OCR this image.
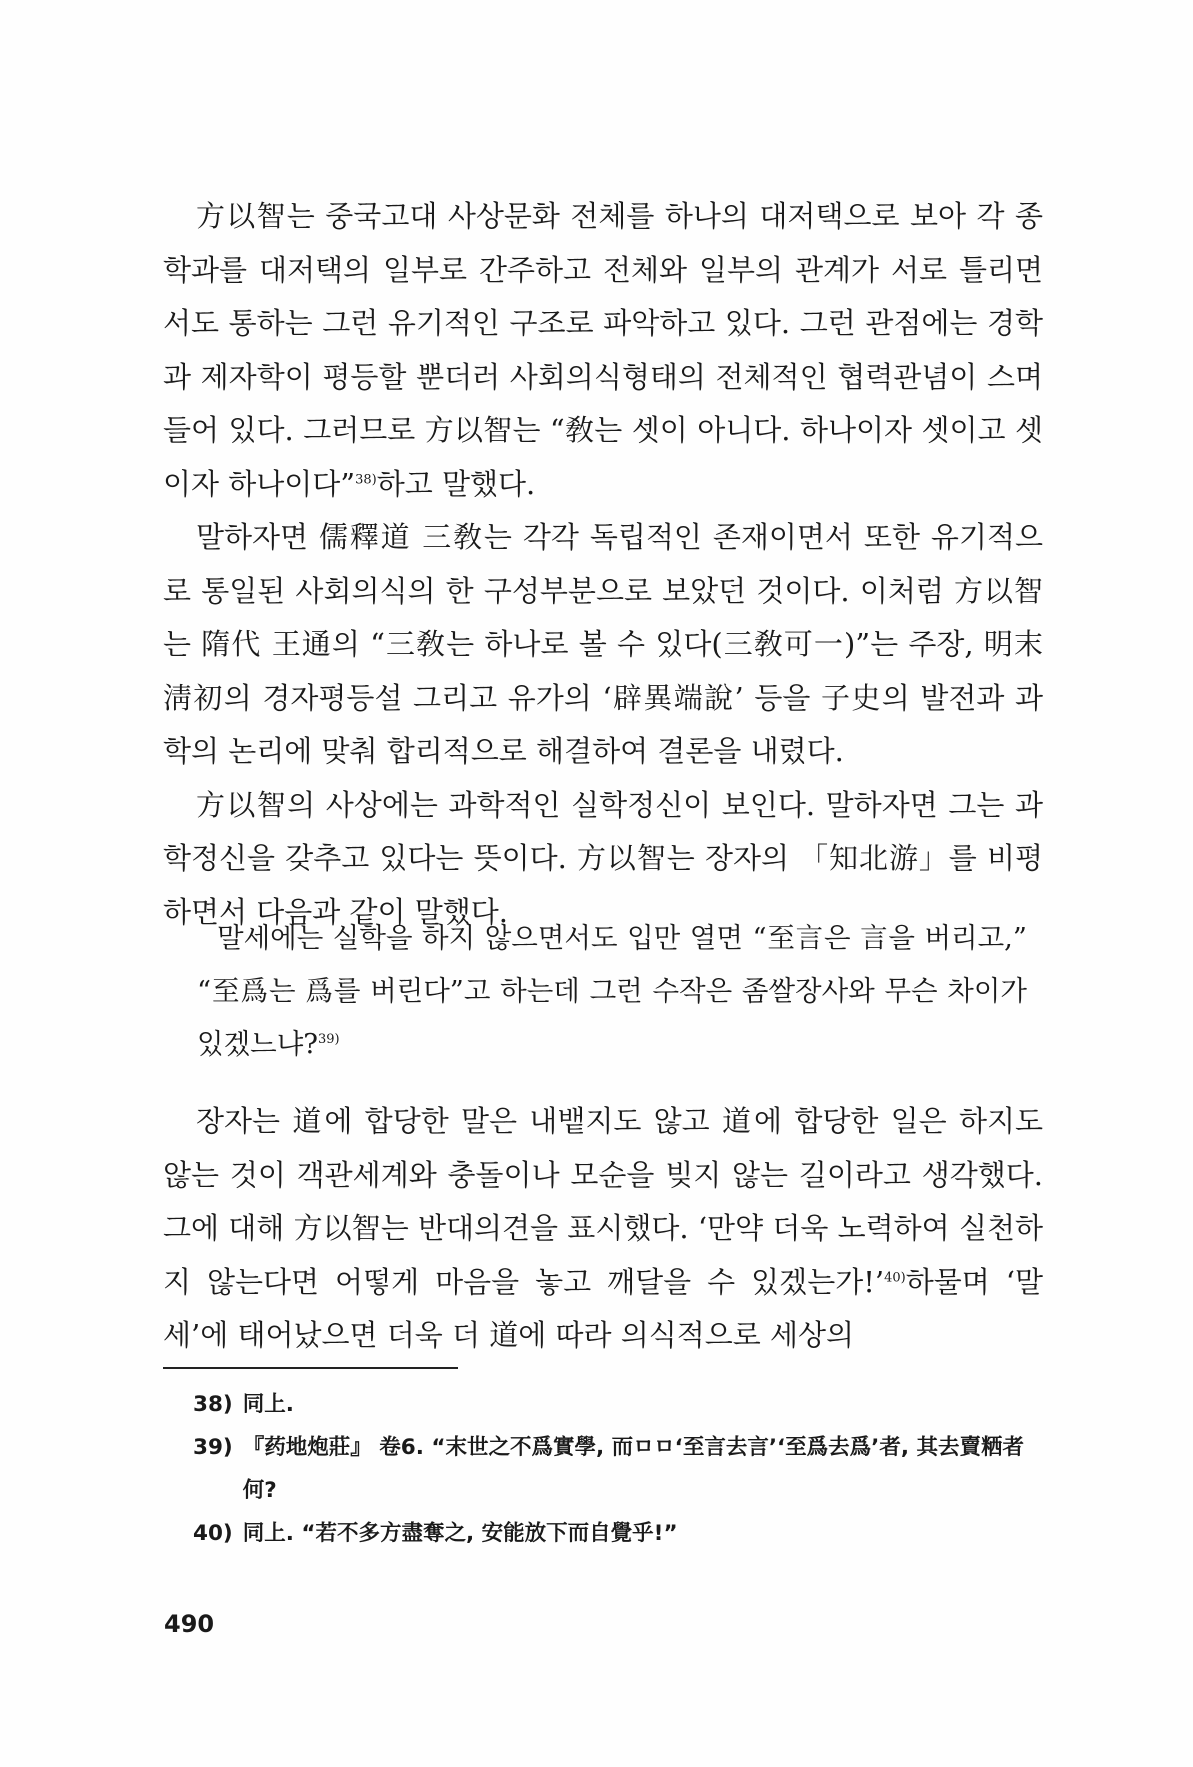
方以智는 중국고대 사상문화 전체를 하나의 대저택으로 보아 각 종 학과를 대저택의 일부로 간주하고 전체와 일부의 관계가 서로 틀리면서도 통하는 그런 유기적인 구조로 파악하고 있다. 그런 관점에는 경학과 제자학이 평등할 뿐더러 사회의식형태의 전체적인 협력관념이 스며들어 있다. 그러므로 方以智는 “敎는 셋이 아니다. 하나이자 셋이고 셋이자 하나이다”$^{38)}$하고 말했다.

말하자면 儒釋道 三敎는 각각 독립적인 존재이면서 또한 유기적으로 통일된 사회의식의 한 구성부분으로 보았던 것이다. 이처럼 方以智는 隋代 王通의 “三敎는 하나로 볼 수 있다(三敎可一)”는 주장, 明末淸初의 경자평등설 그리고 유가의 ‘辟異端說’ 등을 子史의 발전과 과학의 논리에 맞춰 합리적으로 해결하여 결론을 내렸다.

方以智의 사상에는 과학적인 실학정신이 보인다. 말하자면 그는 과학정신을 갖추고 있다는 뜻이다. 方以智는 장자의 「知北游」를 비평하면서 다음과 같이 말했다.

말세에는 실학을 하지 않으면서도 입만 열면 “至言은 言을 버리고,” “至爲는 爲를 버린다”고 하는데 그런 수작은 좀쌀장사와 무슨 차이가 있겠느냐?$^{39)}$

장자는 道에 합당한 말은 내뱉지도 않고 道에 합당한 일은 하지도 않는 것이 객관세계와 충돌이나 모순을 빚지 않는 길이라고 생각했다. 그에 대해 方以智는 반대의견을 표시했다. ‘만약 더욱 노력하여 실천하지 않는다면 어떻게 마음을 놓고 깨달을 수 있겠는가!’$^{40)}$하물며 ‘말세’에 태어났으면 더욱 더 道에 따라 의식적으로 세상의

38) 同上.
39) 『药地炮莊』 卷6. “末世之不爲實學, 而ㅁㅁ‘至言去言’‘至爲去爲’者, 其去賣粞者何?
40) 同上. “若不多方盡奪之, 安能放下而自覺乎!”
490
